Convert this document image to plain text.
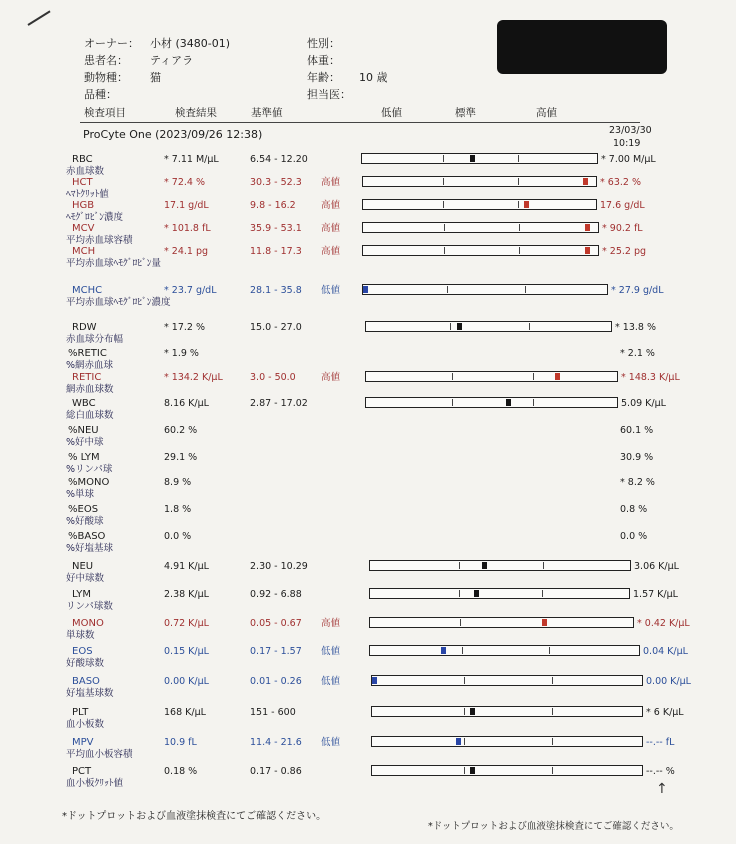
オーナー： 小材 (3480-01)
患者名： ティアラ
動物種： 猫
品種：
性別：
体重：
年齢： 10 歳
担当医：
検査項目	検査結果	基準値	低値	標準	高値
ProCyte One (2023/09/26 12:38)	23/03/30
10:19
RBC
赤血球数
* 7.11 M/µL	6.54 - 12.20	* 7.00 M/µL
HCT
ﾍﾏﾄｸﾘｯﾄ値
* 72.4 %	30.3 - 52.3 高値	* 63.2 %
HGB
ﾍﾓｸﾞﾛﾋﾞﾝ濃度
17.1 g/dL	9.8 - 16.2	高値	17.6 g/dL
MCV
平均赤血球容積
* 101.8 fL	35.9 - 53.1 高値	* 90.2 fL
MCH
平均赤血球ﾍﾓｸﾞﾛﾋﾞﾝ量
* 24.1 pg	11.8 - 17.3 高値	* 25.2 pg
MCHC
平均赤血球ﾍﾓｸﾞﾛﾋﾞﾝ濃度
* 23.7 g/dL	28.1 - 35.8 低値	* 27.9 g/dL
RDW
赤血球分布幅
* 17.2 %	15.0 - 27.0	* 13.8 %
%RETIC
%網赤血球
* 1.9 %	* 2.1 %
RETIC
網赤血球数
* 134.2 K/µL	3.0 - 50.0	高値	* 148.3 K/µL
WBC
総白血球数
8.16 K/µL	2.87 - 17.02	5.09 K/µL
%NEU
%好中球
60.2 %	60.1 %
% LYM
%リンパ球
29.1 %	30.9 %
%MONO
%単球
8.9 %	* 8.2 %
%EOS
%好酸球
1.8 %	0.8 %
%BASO
%好塩基球
0.0 %	0.0 %
NEU
好中球数
4.91 K/µL	2.30 - 10.29	3.06 K/µL
LYM
リンパ球数
2.38 K/µL	0.92 - 6.88	1.57 K/µL
MONO
単球数
0.72 K/µL	0.05 - 0.67 高値	* 0.42 K/µL
EOS
好酸球数
0.15 K/µL	0.17 - 1.57 低値	0.04 K/µL
BASO
好塩基球数
0.00 K/µL	0.01 - 0.26 低値	0.00 K/µL
PLT
血小板数
168 K/µL	151 - 600	* 6 K/µL
MPV
平均血小板容積
10.9 fL	11.4 - 21.6 低値	--.-- fL
PCT
血小板ｸﾘｯﾄ値
0.18 %	0.17 - 0.86	--.-- %
*ドットプロットおよび血液塗抹検査にてご確認ください。
*ドットプロットおよび血液塗抹検査にてご確認ください。
↑
